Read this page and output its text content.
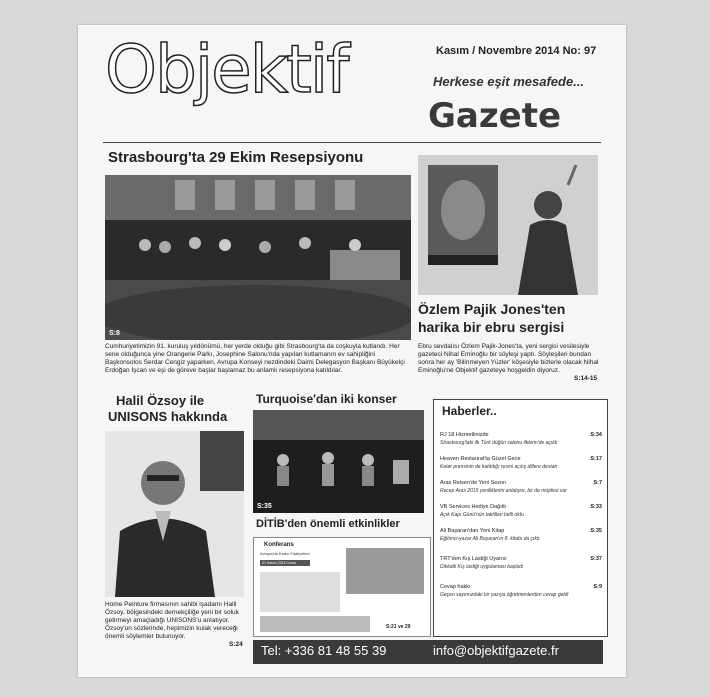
Objektif	Kasım / Novembre 2014 No: 97
Herkese eşit mesafede...
Gazete
Strasbourg'ta 29 Ekim Resepsiyonu
S:8
Cumhuriyetimizin 91. kuruluş yıldönümü, her yerde olduğu gibi Strasbourg'ta da coşkuyla kutlandı. Her sene olduğunca yine Orangerie Parkı, Josephine Salonu'nda yapılan kutlamanın ev sahipliğini Başkonsolos Serdar Cengiz yaparken, Avrupa Konseyi nezdindeki Daimi Delegasyon Başkanı Büyükelçi Erdoğan İşcan ve eşi de göreve başlar başlamaz bu anlamlı resepsiyona katıldılar.
Özlem Pajik Jones'ten
harika bir ebru sergisi
Ebru sevdalısı Özlem Pajik-Jones'ta, yeni sergisi vesilesiyle gazeteci Nihal Eminoğlu bir söyleşi yaptı. Söyleşileri bundan sonra her ay 'Bilinmeyen Yüzler' köşesiyle bizlerle olacak Nihal Eminoğlu'ne Objektif gazeteye hoşgeldin diyoruz.
S:14-15
Halil Özsoy ile
UNISONS hakkında
Home Peinture firmasının sahibi işadamı Halil Özsoy, bölgesindeki dernekçiliğe yeni bir soluk getirmeyi amaçladığı UNISONS'u anlatıyor. Özsoy'un sözlerinde, hepimizin kulak vereceği önemli söylemler bulunuyor.
S:24
Turquoise'dan iki konser
S:35
DİTİB'den önemli etkinlikler
Konferans
Avrupa'da Kadın Faaliyetleri
01 Kasım 2014 Cuma
S:21 ve 29
Haberler..
RJ 18 Hizmetlinizde
Strasbourg'taki ilk Türk düğün salonu ilklerin'de açıldı
S:34
Heaven Restaurat'ta Güzel Gece
Ketar prensinin de katıldığı resmi açılış dillere destan
S:17
Aras Reisen'de Yeni Sezon
Recep Aras 2015 yeniliklerini anlatıyor, bir de müjdesi var
S:7
VB Services Hediye Dağıttı
Açık Kapı Günü'nün taktilleri belli oldu
S:33
Ali Başaran'dan Yeni Kitap
Eğitimci-yazar Ali Başaran'ın 8. kitabı da çıktı
S:35
TRT'den Kış Lastiği Uyarısı
Dikkatli Kış lastiği uygulaması başladı
S:37
Cevap hakkı
Geçen sayımızdaki bir yazıya öğretmenlerden cevap geldi
S:9
Tel: +336 81 48 55 39	info@objektifgazete.fr
